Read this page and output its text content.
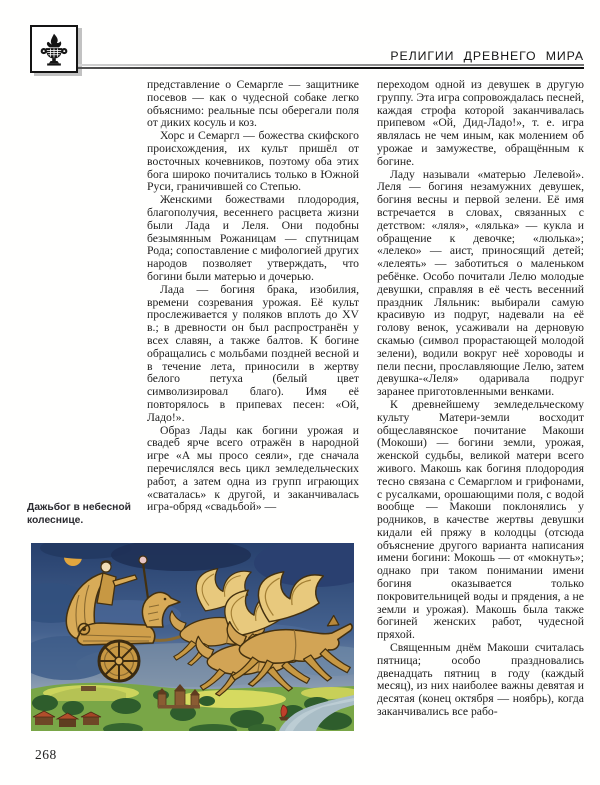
РЕЛИГИИ ДРЕВНЕГО МИРА

представление о Семаргле — защитнике посевов — как о чудесной собаке легко объяснимо: реальные псы оберегали поля от диких косуль и коз.

Хорс и Семаргл — божества скифского происхождения, их культ пришёл от восточных кочевников, поэтому оба этих бога широко почитались только в Южной Руси, граничившей со Степью.

Женскими божествами плодородия, благополучия, весеннего расцвета жизни были Лада и Леля. Они подобны безымянным Рожаницам — спутницам Рода; сопоставление с мифологией других народов позволяет утверждать, что богини были матерью и дочерью.

Лада — богиня брака, изобилия, времени созревания урожая. Её культ прослеживается у поляков вплоть до XV в.; в древности он был распространён у всех славян, а также балтов. К богине обращались с мольбами поздней весной и в течение лета, приносили в жертву белого петуха (белый цвет символизировал благо). Имя её повторялось в припевах песен: «Ой, Ладо!».

Образ Лады как богини урожая и свадеб ярче всего отражён в народной игре «А мы просо сеяли», где сначала перечислялся весь цикл земледельческих работ, а затем одна из групп играющих «сваталась» к другой, и заканчивалась игра-обряд «свадьбой» —

переходом одной из девушек в другую группу. Эта игра сопровождалась песней, каждая строфа которой заканчивалась припевом «Ой, Дид-Ладо!», т. е. игра являлась не чем иным, как молением об урожае и замужестве, обращённым к богине.

Ладу называли «матерью Лелевой». Леля — богиня незамужних девушек, богиня весны и первой зелени. Её имя встречается в словах, связанных с детством: «ляля», «лялька» — кукла и обращение к девочке; «люлька»; «лелеко» — аист, приносящий детей; «лелеять» — заботиться о маленьком ребёнке. Особо почитали Лелю молодые девушки, справляя в её честь весенний праздник Ляльник: выбирали самую красивую из подруг, надевали на её голову венок, усаживали на дерновую скамью (символ прорастающей молодой зелени), водили вокруг неё хороводы и пели песни, прославляющие Лелю, затем девушка-«Леля» одаривала подруг заранее приготовленными венками.

К древнейшему земледельческому культу Матери-земли восходит общеславянское почитание Макоши (Мокоши) — богини земли, урожая, женской судьбы, великой матери всего живого. Макошь как богиня плодородия тесно связана с Семарглом и грифонами, с русалками, орошающими поля, с водой вообще — Макоши поклонялись у родников, в качестве жертвы девушки кидали ей пряжу в колодцы (отсюда объяснение другого варианта написания имени богини: Мокошь — от «мокнуть»; однако при таком понимании имени богиня оказывается только покровительницей воды и прядения, а не земли и урожая). Макошь была также богиней женских работ, чудесной пряхой.

Священным днём Макоши считалась пятница; особо праздновались двенадцать пятниц в году (каждый месяц), из них наиболее важны девятая и десятая (конец октября — ноябрь), когда заканчивались все рабо-

Дажьбог в небесной колеснице.
268
